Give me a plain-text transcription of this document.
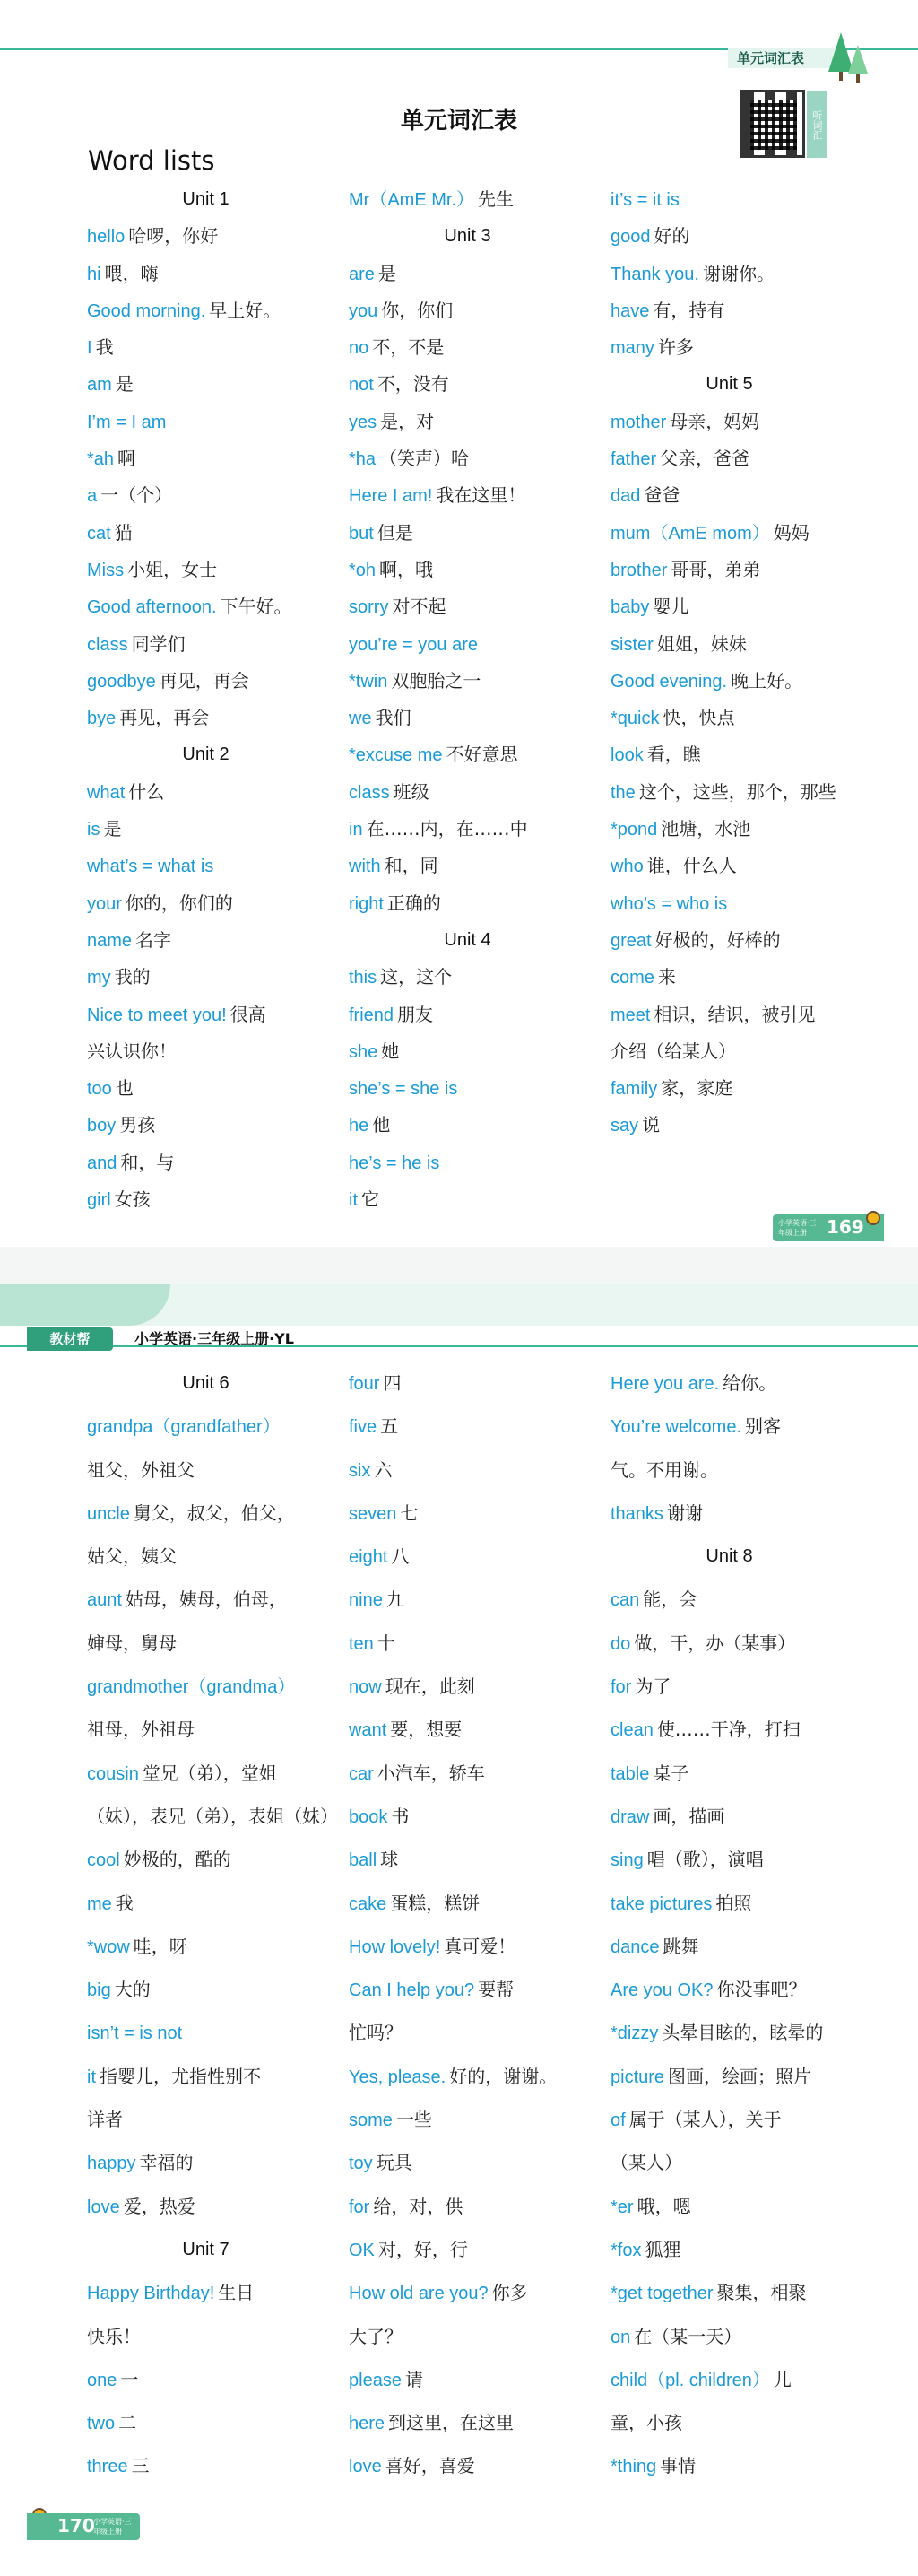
单元词汇表
单元词汇表	听词汇
Word lists
Unit 1
hello 哈啰，你好
hi 喂，嗨
Good morning. 早上好。
I 我
am 是
I’m = I am
*ah 啊
a 一（个）
cat 猫
Miss 小姐，女士
Good afternoon. 下午好。
class 同学们
goodbye 再见，再会
bye 再见，再会
Unit 2
what 什么
is 是
what’s = what is
your 你的，你们的
name 名字
my 我的
Nice to meet you! 很高
兴认识你！
too 也
boy 男孩
and 和，与
girl 女孩
Mr（AmE Mr.） 先生
Unit 3
are 是
you 你，你们
no 不，不是
not 不，没有
yes 是，对
*ha （笑声）哈
Here I am! 我在这里！
but 但是
*oh 啊，哦
sorry 对不起
you’re = you are
*twin 双胞胎之一
we 我们
*excuse me 不好意思
class 班级
in 在……内，在……中
with 和，同
right 正确的
Unit 4
this 这，这个
friend 朋友
she 她
she’s = she is
he 他
he’s = he is
it 它
it’s = it is
good 好的
Thank you. 谢谢你。
have 有，持有
many 许多
Unit 5
mother 母亲，妈妈
father 父亲，爸爸
dad 爸爸
mum（AmE mom） 妈妈
brother 哥哥，弟弟
baby 婴儿
sister 姐姐，妹妹
Good evening. 晚上好。
*quick 快，快点
look 看，瞧
the 这个，这些，那个，那些
*pond 池塘，水池
who 谁，什么人
who’s = who is
great 好极的，好棒的
come 来
meet 相识，结识，被引见
介绍（给某人）
family 家，家庭
say 说
小学英语·三年级上册	169
教材帮	小学英语·三年级上册·YL
Unit 6
grandpa（grandfather）
祖父，外祖父
uncle 舅父，叔父，伯父，
姑父，姨父
aunt 姑母，姨母，伯母，
婶母，舅母
grandmother（grandma）
祖母，外祖母
cousin 堂兄（弟），堂姐
（妹），表兄（弟），表姐（妹）
cool 妙极的，酷的
me 我
*wow 哇，呀
big 大的
isn’t = is not
it 指婴儿，尤指性别不
详者
happy 幸福的
love 爱，热爱
Unit 7
Happy Birthday! 生日
快乐！
one 一
two 二
three 三
four 四
five 五
six 六
seven 七
eight 八
nine 九
ten 十
now 现在，此刻
want 要，想要
car 小汽车，轿车
book 书
ball 球
cake 蛋糕，糕饼
How lovely! 真可爱！
Can I help you? 要帮
忙吗？
Yes, please. 好的，谢谢。
some 一些
toy 玩具
for 给，对，供
OK 对，好，行
How old are you? 你多
大了？
please 请
here 到这里，在这里
love 喜好，喜爱
Here you are. 给你。
You’re welcome. 别客
气。不用谢。
thanks 谢谢
Unit 8
can 能，会
do 做，干，办（某事）
for 为了
clean 使……干净，打扫
table 桌子
draw 画，描画
sing 唱（歌），演唱
take pictures 拍照
dance 跳舞
Are you OK? 你没事吧？
*dizzy 头晕目眩的，眩晕的
picture 图画，绘画；照片
of 属于（某人），关于
（某人）
*er 哦，嗯
*fox 狐狸
*get together 聚集，相聚
on 在（某一天）
child（pl. children） 儿
童，小孩
*thing 事情
170
小学英语·三年级上册
